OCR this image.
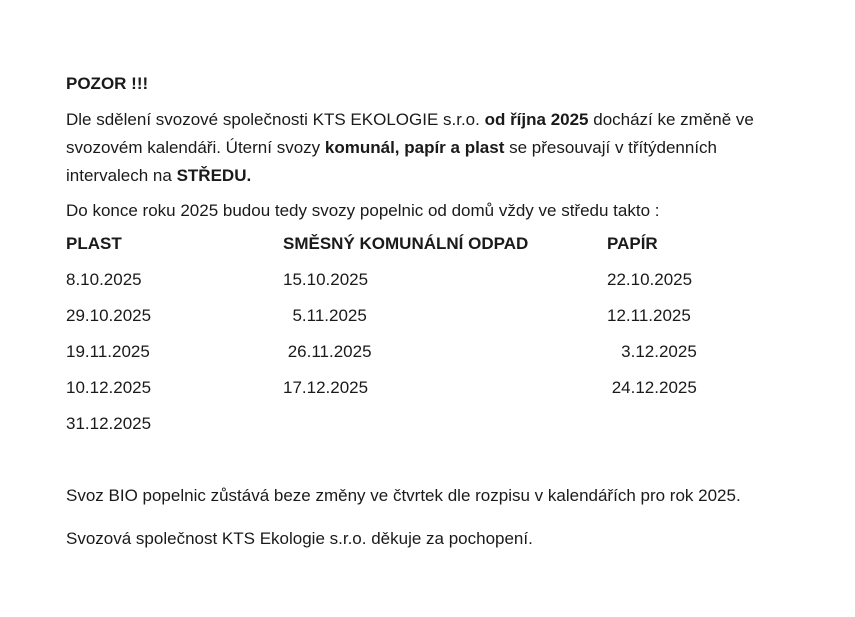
POZOR !!!

Dle sdělení svozové společnosti KTS EKOLOGIE s.r.o. od října 2025 dochází ke změně ve
svozovém kalendáři. Úterní svozy komunál, papír a plast se přesouvají v třítýdenních
intervalech na STŘEDU.

Do konce roku 2025 budou tedy svozy popelnic od domů vždy ve středu takto :

PLAST	SMĚSNÝ KOMUNÁLNÍ ODPAD	PAPÍR
8.10.2025	15.10.2025	22.10.2025
29.10.2025	5.11.2025	12.11.2025
19.11.2025	26.11.2025	3.12.2025
10.12.2025	17.12.2025	24.12.2025
31.12.2025

Svoz BIO popelnic zůstává beze změny ve čtvrtek dle rozpisu v kalendářích pro rok 2025.

Svozová společnost KTS Ekologie s.r.o. děkuje za pochopení.
